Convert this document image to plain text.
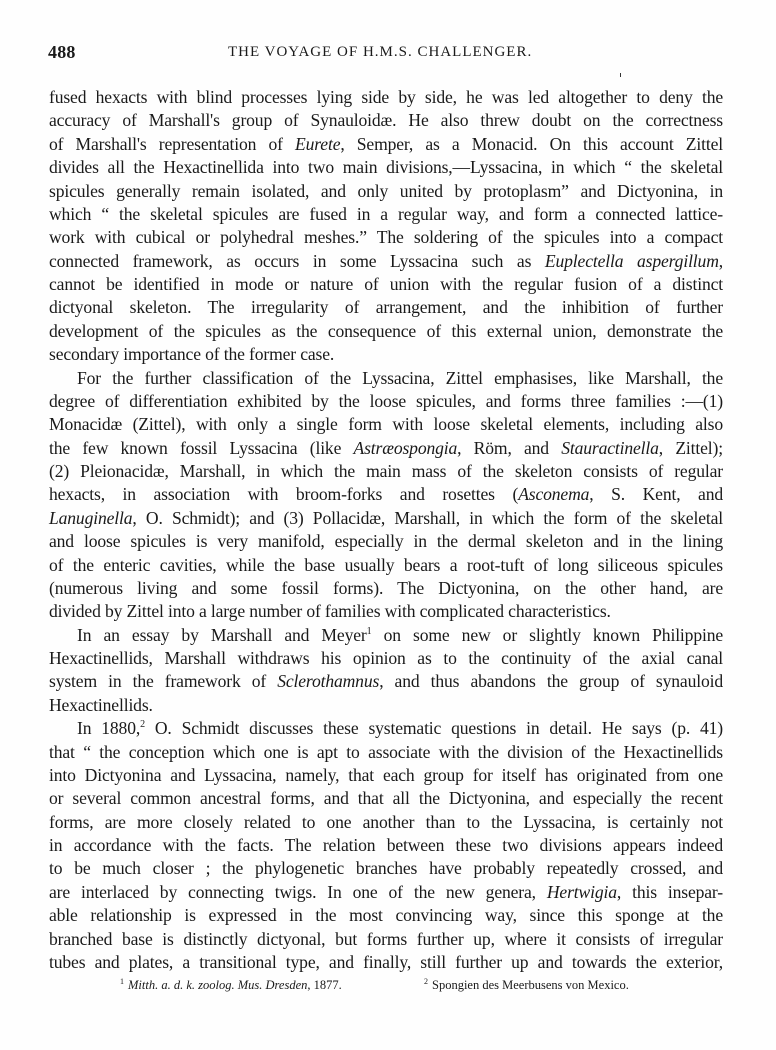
488	THE VOYAGE OF H.M.S. CHALLENGER.
fused hexacts with blind processes lying side by side, he was led altogether to deny the
accuracy of Marshall's group of Synauloidæ. He also threw doubt on the correctness
of Marshall's representation of Eurete, Semper, as a Monacid. On this account Zittel
divides all the Hexactinellida into two main divisions,—Lyssacina, in which “ the skeletal
spicules generally remain isolated, and only united by protoplasm” and Dictyonina, in
which “ the skeletal spicules are fused in a regular way, and form a connected lattice-
work with cubical or polyhedral meshes.” The soldering of the spicules into a compact
connected framework, as occurs in some Lyssacina such as Euplectella aspergillum,
cannot be identified in mode or nature of union with the regular fusion of a distinct
dictyonal skeleton. The irregularity of arrangement, and the inhibition of further
development of the spicules as the consequence of this external union, demonstrate the
secondary importance of the former case.
For the further classification of the Lyssacina, Zittel emphasises, like Marshall, the
degree of differentiation exhibited by the loose spicules, and forms three families :—(1)
Monacidæ (Zittel), with only a single form with loose skeletal elements, including also
the few known fossil Lyssacina (like Astræospongia, Röm, and Stauractinella, Zittel);
(2) Pleionacidæ, Marshall, in which the main mass of the skeleton consists of regular
hexacts, in association with broom-forks and rosettes (Asconema, S. Kent, and
Lanuginella, O. Schmidt); and (3) Pollacidæ, Marshall, in which the form of the skeletal
and loose spicules is very manifold, especially in the dermal skeleton and in the lining
of the enteric cavities, while the base usually bears a root-tuft of long siliceous spicules
(numerous living and some fossil forms). The Dictyonina, on the other hand, are
divided by Zittel into a large number of families with complicated characteristics.
In an essay by Marshall and Meyer$^1$ on some new or slightly known Philippine
Hexactinellids, Marshall withdraws his opinion as to the continuity of the axial canal
system in the framework of Sclerothamnus, and thus abandons the group of synauloid
Hexactinellids.
In 1880,$^2$ O. Schmidt discusses these systematic questions in detail. He says (p. 41)
that “ the conception which one is apt to associate with the division of the Hexactinellids
into Dictyonina and Lyssacina, namely, that each group for itself has originated from one
or several common ancestral forms, and that all the Dictyonina, and especially the recent
forms, are more closely related to one another than to the Lyssacina, is certainly not
in accordance with the facts. The relation between these two divisions appears indeed
to be much closer ; the phylogenetic branches have probably repeatedly crossed, and
are interlaced by connecting twigs. In one of the new genera, Hertwigia, this insepar-
able relationship is expressed in the most convincing way, since this sponge at the
branched base is distinctly dictyonal, but forms further up, where it consists of irregular
tubes and plates, a transitional type, and finally, still further up and towards the exterior,
$^1$ Mitth. a. d. k. zoolog. Mus. Dresden, 1877.	$^2$ Spongien des Meerbusens von Mexico.
